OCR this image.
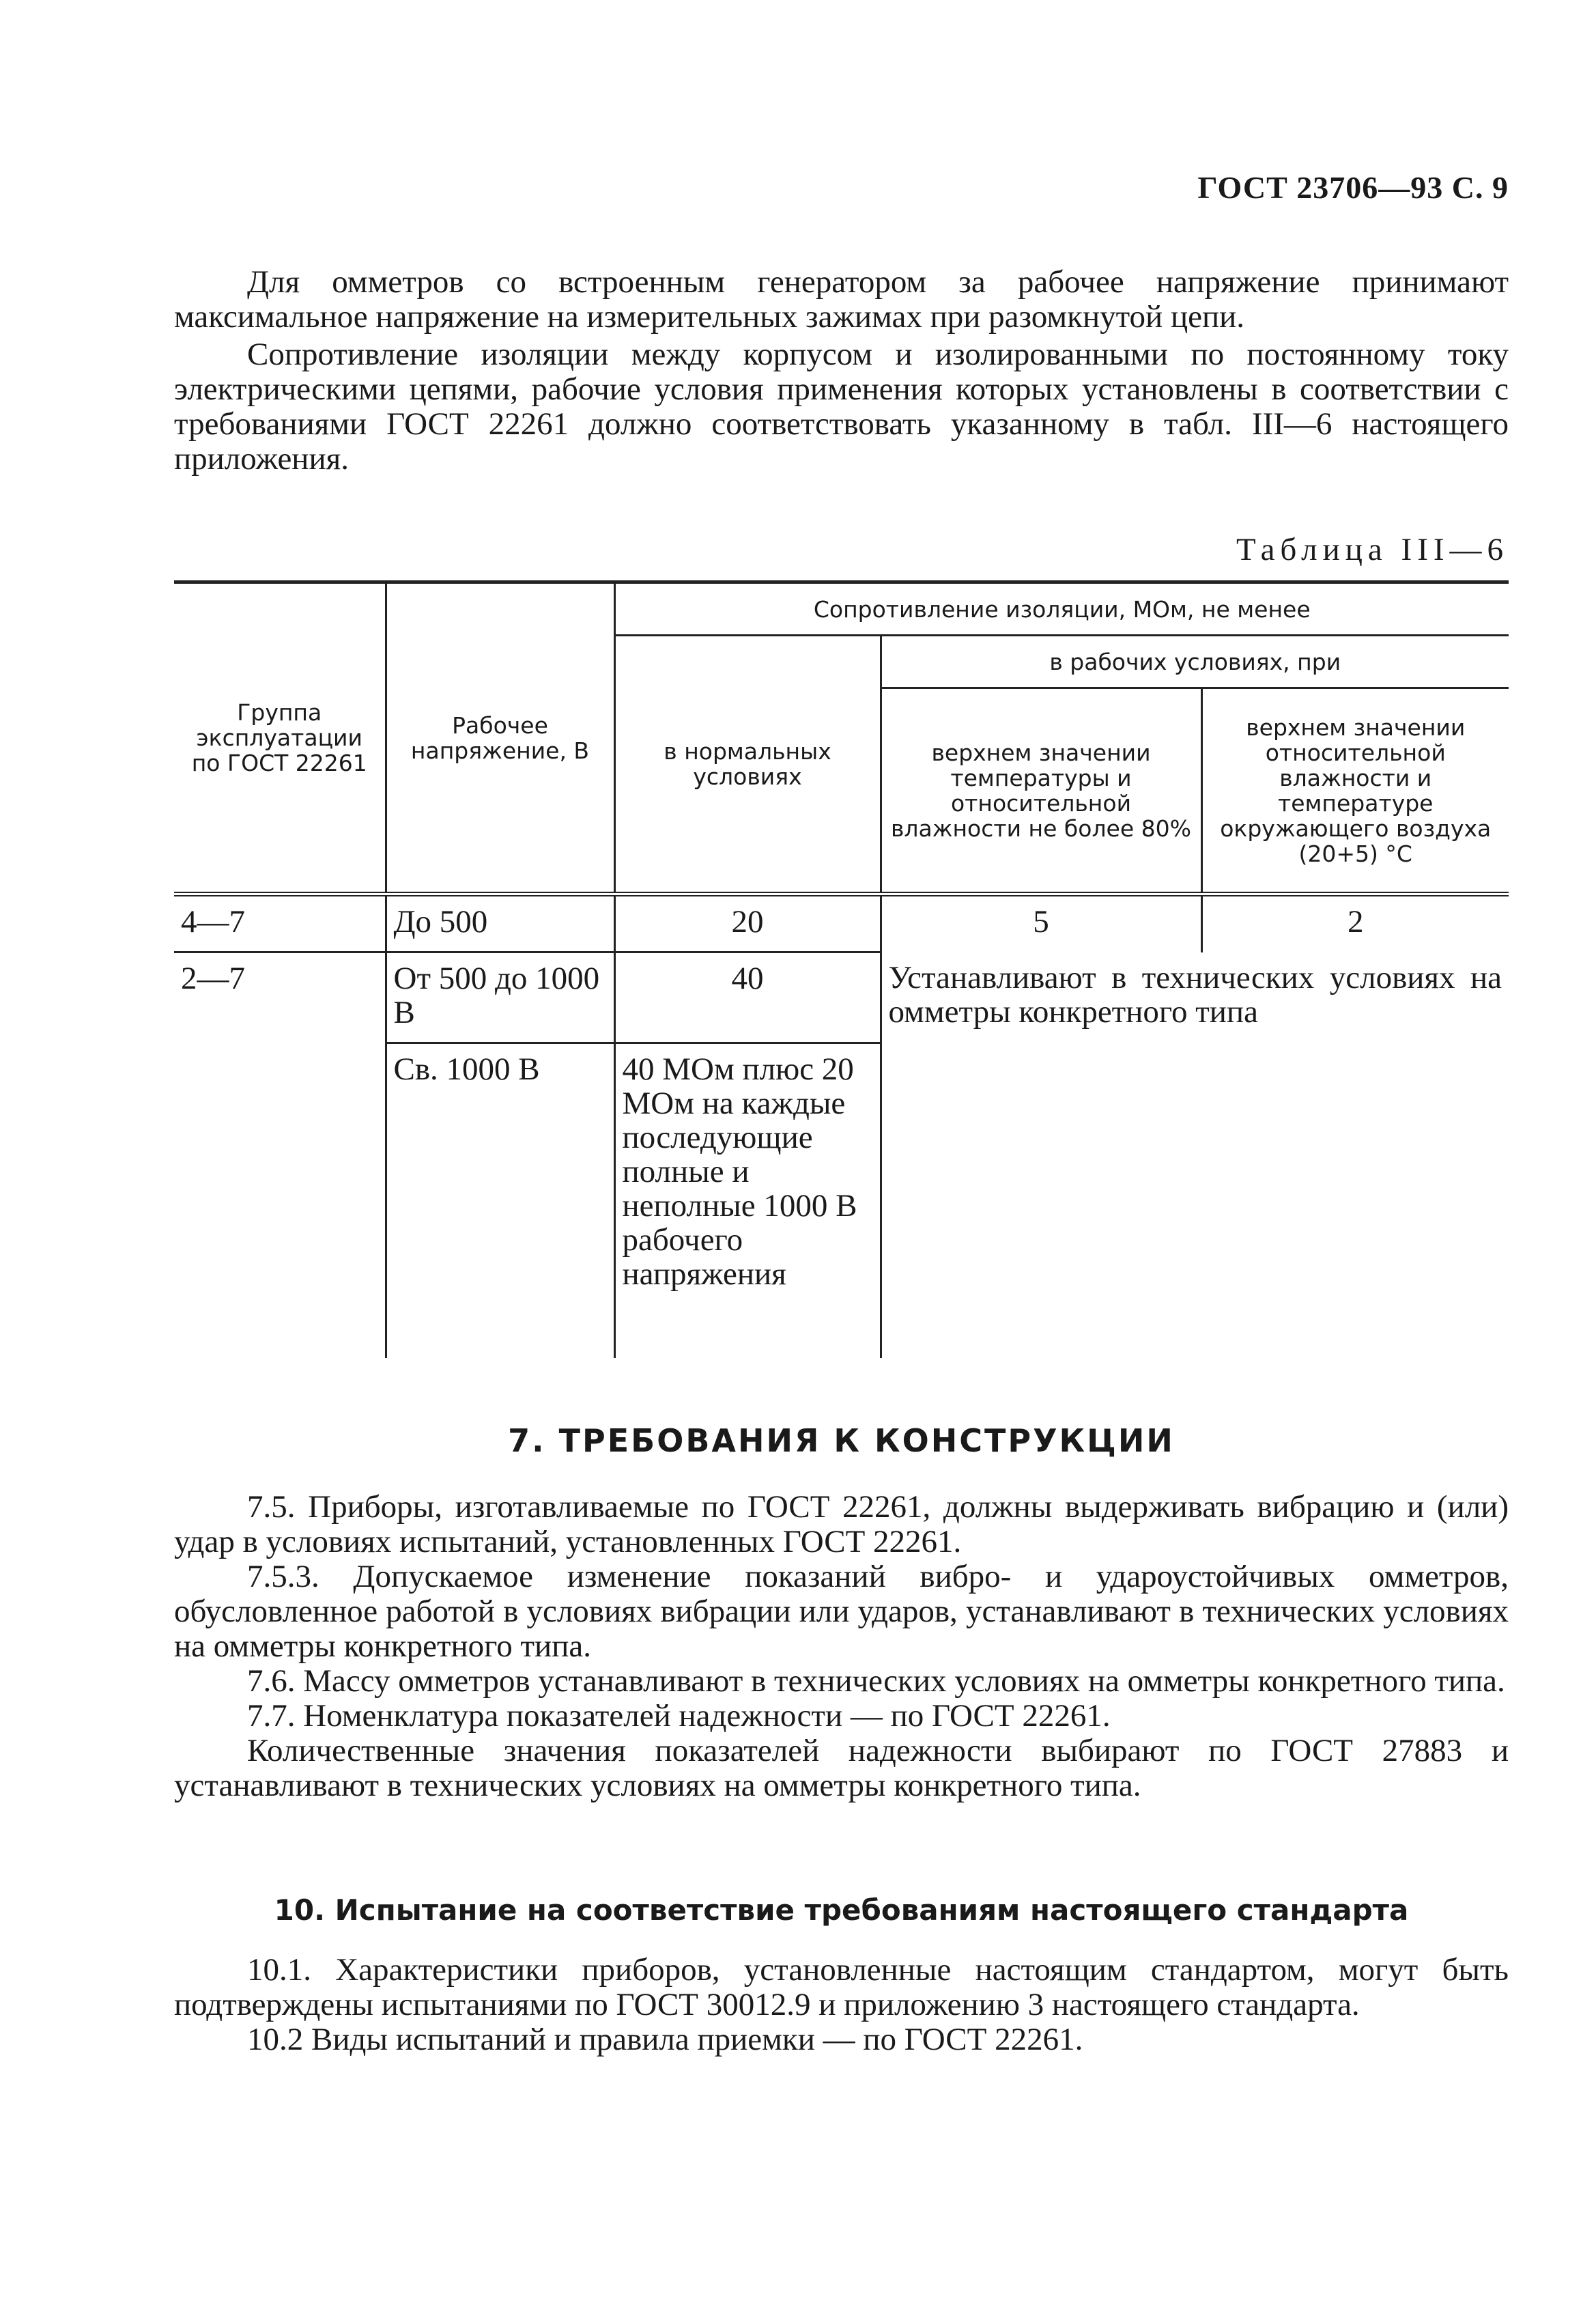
ГОСТ 23706—93 С. 9

Для омметров со встроенным генератором за рабочее напряжение принимают максимальное напряжение на измерительных зажимах при разомкнутой цепи.

Сопротивление изоляции между корпусом и изолированными по постоянному току электрическими цепями, рабочие условия применения которых установлены в соответствии с требованиями ГОСТ 22261 должно соответствовать указанному в табл. III—6 настоящего приложения.

Таблица III—6
Группа эксплуатации по ГОСТ 22261	Рабочее напряжение, В	Сопротивление изоляции, МОм, не менее		
		в нормальных условиях	в рабочих условиях, при	
			верхнем значении температуры и относительной влажности не более 80%	верхнем значении относительной влажности и температуре окружающего воздуха (20+5) °С
4—7	До 500	20	5	2
2—7	От 500 до 1000 В	40	Устанавливают в технических условиях на омметры конкретного типа	
	Св. 1000 В	40 МОм плюс 20 МОм на каждые последующие полные и неполные 1000 В рабочего напряжения		
7. ТРЕБОВАНИЯ К КОНСТРУКЦИИ

7.5. Приборы, изготавливаемые по ГОСТ 22261, должны выдерживать вибрацию и (или) удар в условиях испытаний, установленных ГОСТ 22261.

7.5.3. Допускаемое изменение показаний вибро- и удароустойчивых омметров, обусловленное работой в условиях вибрации или ударов, устанавливают в технических условиях на омметры конкретного типа.

7.6. Массу омметров устанавливают в технических условиях на омметры конкретного типа.

7.7. Номенклатура показателей надежности — по ГОСТ 22261.

Количественные значения показателей надежности выбирают по ГОСТ 27883 и устанавливают в технических условиях на омметры конкретного типа.

10. Испытание на соответствие требованиям настоящего стандарта

10.1. Характеристики приборов, установленные настоящим стандартом, могут быть подтверждены испытаниями по ГОСТ 30012.9 и приложению 3 настоящего стандарта.

10.2 Виды испытаний и правила приемки — по ГОСТ 22261.
